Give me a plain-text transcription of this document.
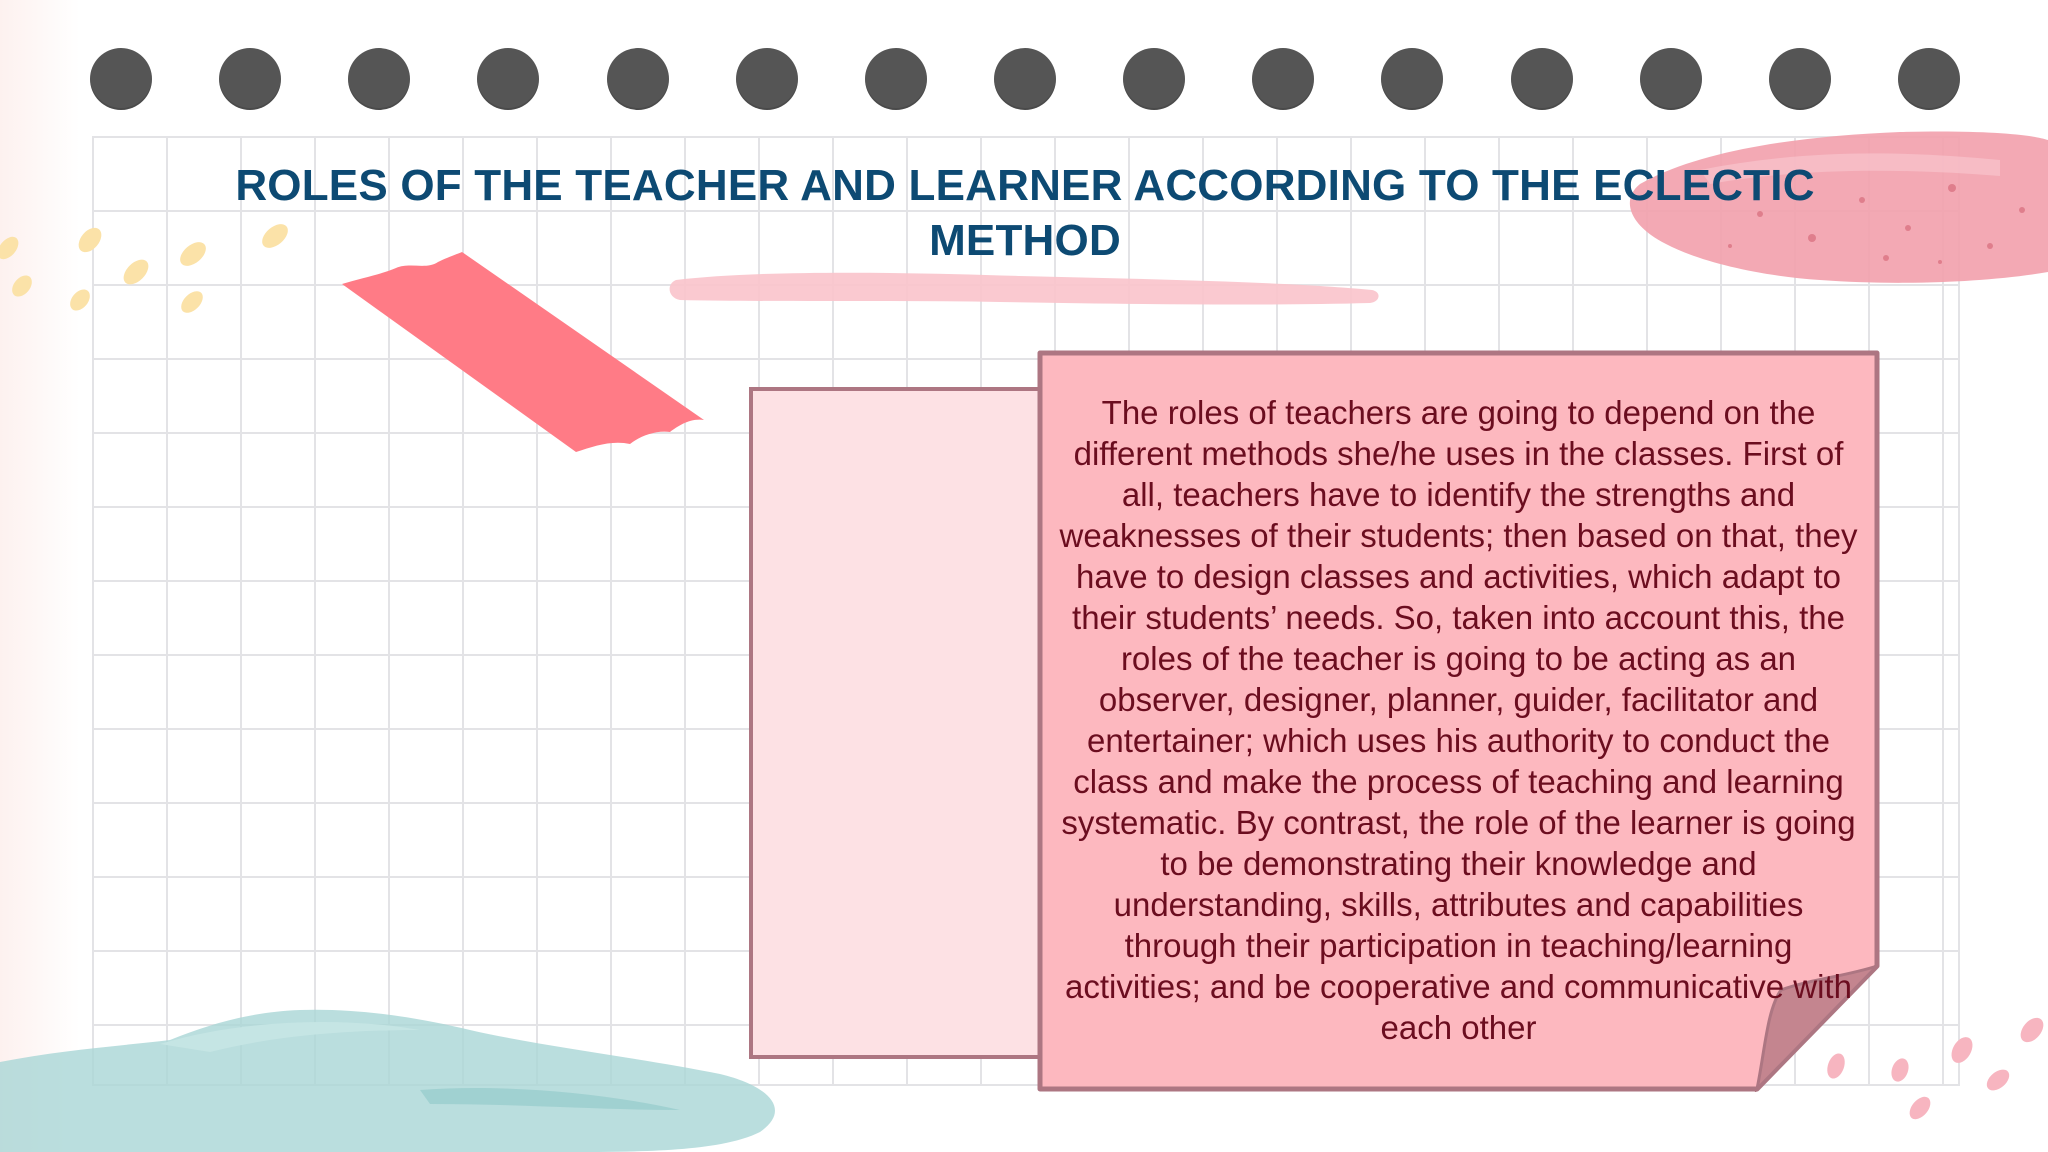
ROLES OF THE TEACHER AND LEARNER ACCORDING TO THE ECLECTIC METHOD

The roles of teachers are going to depend on the different methods she/he uses in the classes. First of all, teachers have to identify the strengths and weaknesses of their students; then based on that, they have to design classes and activities, which adapt to their students’ needs. So, taken into account this, the roles of the teacher is going to be acting as an observer, designer, planner, guider, facilitator and entertainer; which uses his authority to conduct the class and make the process of teaching and learning systematic. By contrast, the role of the learner is going to be demonstrating their knowledge and understanding, skills, attributes and capabilities through their participation in teaching/learning activities; and be cooperative and communicative with each other
